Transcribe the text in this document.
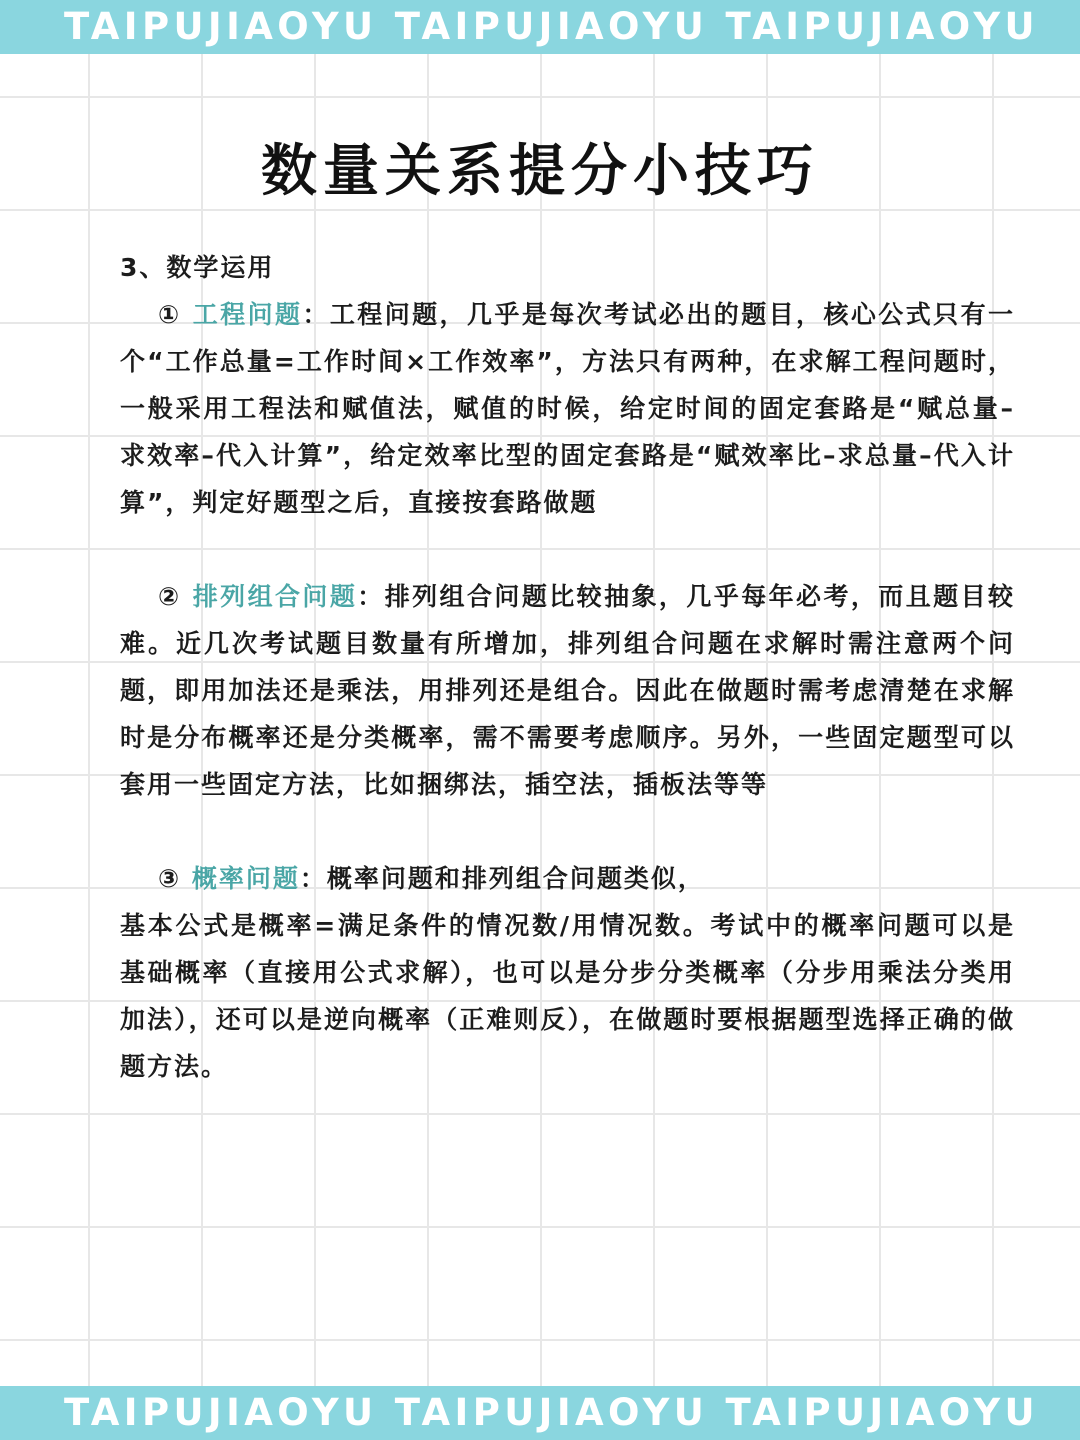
TAIPUJIAOYU TAIPUJIAOYU TAIPUJIAOYU
数量关系提分小技巧

3、数学运用

① 工程问题：工程问题，几乎是每次考试必出的题目，核心公式只有一个“工作总量=工作时间×工作效率”，方法只有两种，在求解工程问题时，一般采用工程法和赋值法，赋值的时候，给定时间的固定套路是“赋总量–求效率–代入计算”，给定效率比型的固定套路是“赋效率比–求总量–代入计算”，判定好题型之后，直接按套路做题

② 排列组合问题：排列组合问题比较抽象，几乎每年必考，而且题目较难。近几次考试题目数量有所增加，排列组合问题在求解时需注意两个问题，即用加法还是乘法，用排列还是组合。因此在做题时需考虑清楚在求解时是分布概率还是分类概率，需不需要考虑顺序。另外，一些固定题型可以套用一些固定方法，比如捆绑法，插空法，插板法等等

③ 概率问题：概率问题和排列组合问题类似，

基本公式是概率=满足条件的情况数/用情况数。考试中的概率问题可以是基础概率（直接用公式求解），也可以是分步分类概率（分步用乘法分类用加法），还可以是逆向概率（正难则反），在做题时要根据题型选择正确的做题方法。

TAIPUJIAOYU TAIPUJIAOYU TAIPUJIAOYU
